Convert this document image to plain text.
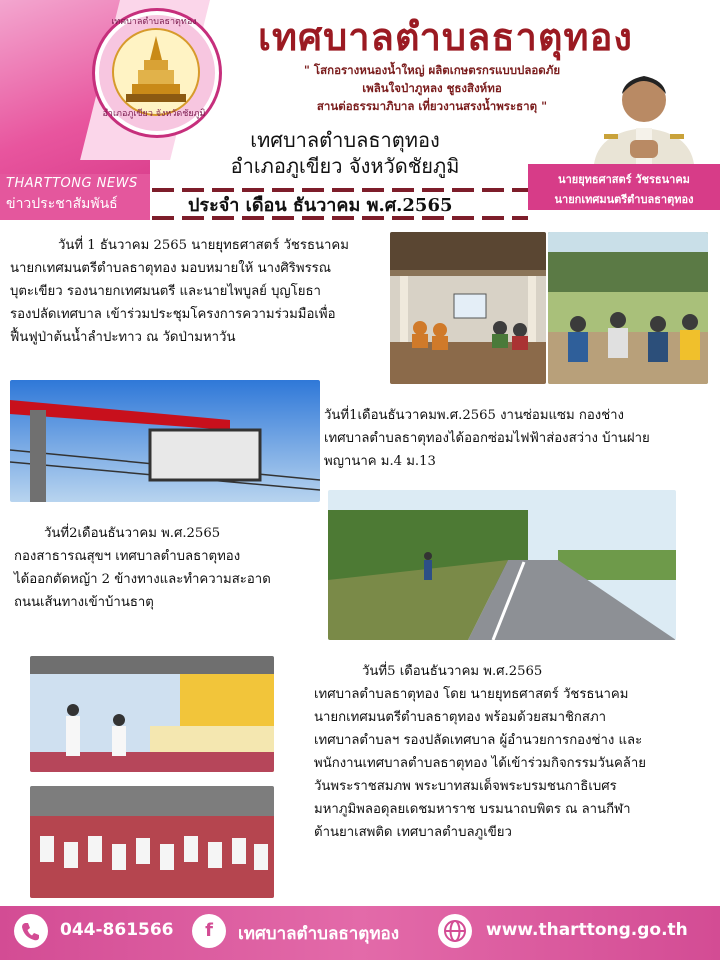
เทศบาลตำบลธาตุทอง
อำเภอภูเขียว จังหวัดชัยภูมิ
เทศบาลตำบลธาตุทอง
" โสกอรางหนองน้ำใหญ่ ผลิตเกษตรกรแบบปลอดภัย
เพลินใจป่าภูหลง ชูธงสิงห์ทอ
สานต่อธรรมาภิบาล เที่ยวงานสรงน้ำพระธาตุ "
เทศบาลตำบลธาตุทอง
อำเภอภูเขียว จังหวัดชัยภูมิ
นายยุทธศาสตร์ วัชรธนาคม
นายกเทศมนตรีตำบลธาตุทอง
THARTTONG NEWS
ข่าวประชาสัมพันธ์	ประจำ เดือน ธันวาคม พ.ศ.2565
วันที่ 1 ธันวาคม 2565 นายยุทธศาสตร์ วัชรธนาคม
นายกเทศมนตรีตำบลธาตุทอง มอบหมายให้ นางศิริพรรณ
บุตะเขียว รองนายกเทศมนตรี และนายไพบูลย์ บุญโยธา
รองปลัดเทศบาล เข้าร่วมประชุมโครงการความร่วมมือเพื่อ
ฟื้นฟูป่าต้นน้ำลำปะทาว ณ วัดป่ามหาวัน
วันที่1เดือนธันวาคมพ.ศ.2565 งานซ่อมแซม กองช่าง
เทศบาลตำบลธาตุทองได้ออกซ่อมไฟฟ้าส่องสว่าง บ้านฝาย
พญานาค ม.4 ม.13
วันที่2เดือนธันวาคม พ.ศ.2565
กองสาธารณสุขฯ เทศบาลตำบลธาตุทอง
ได้ออกตัดหญ้า 2 ข้างทางและทำความสะอาด
ถนนเส้นทางเข้าบ้านธาตุ
วันที่5 เดือนธันวาคม พ.ศ.2565
เทศบาลตำบลธาตุทอง โดย นายยุทธศาสตร์ วัชรธนาคม
นายกเทศมนตรีตำบลธาตุทอง พร้อมด้วยสมาชิกสภา
เทศบาลตำบลฯ รองปลัดเทศบาล ผู้อำนวยการกองช่าง และ
พนักงานเทศบาลตำบลธาตุทอง ได้เข้าร่วมกิจกรรมวันคล้าย
วันพระราชสมภพ พระบาทสมเด็จพระบรมชนกาธิเบศร
มหาภูมิพลอดุลยเดชมหาราช บรมนาถบพิตร ณ ลานกีฬา
ต้านยาเสพติด เทศบาลตำบลภูเขียว
044-861566	f	เทศบาลตำบลธาตุทอง	www.tharttong.go.th
